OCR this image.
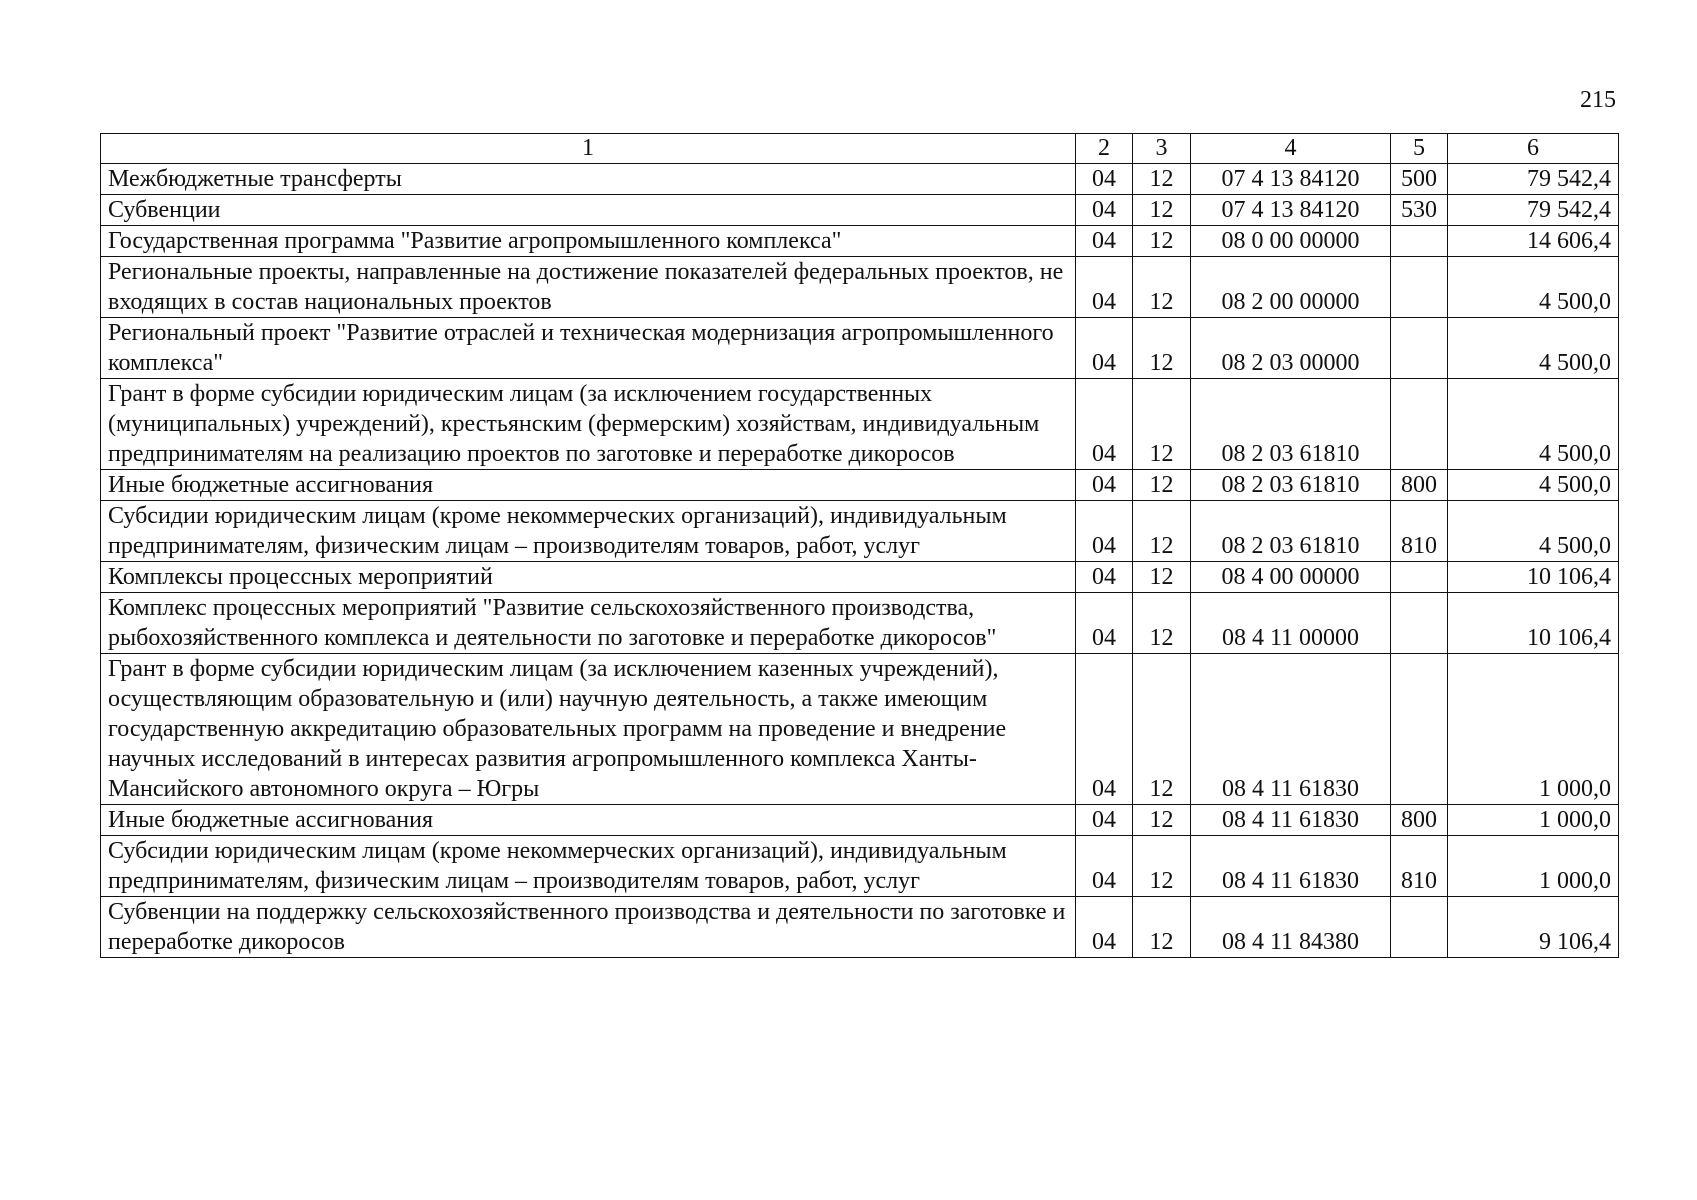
215
1	2	3	4	5	6
Межбюджетные трансферты	04	12	07 4 13 84120	500	79 542,4
Субвенции	04	12	07 4 13 84120	530	79 542,4
Государственная программа "Развитие агропромышленного комплекса"	04	12	08 0 00 00000		14 606,4
Региональные проекты, направленные на достижение показателей федеральных проектов, не входящих в состав национальных проектов	04	12	08 2 00 00000		4 500,0
Региональный проект "Развитие отраслей и техническая модернизация агропромышленного комплекса"	04	12	08 2 03 00000		4 500,0
Грант в форме субсидии юридическим лицам (за исключением государственных (муниципальных) учреждений), крестьянским (фермерским) хозяйствам, индивидуальным предпринимателям на реализацию проектов по заготовке и переработке дикоросов	04	12	08 2 03 61810		4 500,0
Иные бюджетные ассигнования	04	12	08 2 03 61810	800	4 500,0
Субсидии юридическим лицам (кроме некоммерческих организаций), индивидуальным предпринимателям, физическим лицам – производителям товаров, работ, услуг	04	12	08 2 03 61810	810	4 500,0
Комплексы процессных мероприятий	04	12	08 4 00 00000		10 106,4
Комплекс процессных мероприятий "Развитие сельскохозяйственного производства, рыбохозяйственного комплекса и деятельности по заготовке и переработке дикоросов"	04	12	08 4 11 00000		10 106,4
Грант в форме субсидии юридическим лицам (за исключением казенных учреждений), осуществляющим образовательную и (или) научную деятельность, а также имеющим государственную аккредитацию образовательных программ на проведение и внедрение научных исследований в интересах развития агропромышленного комплекса Ханты-Мансийского автономного округа – Югры	04	12	08 4 11 61830		1 000,0
Иные бюджетные ассигнования	04	12	08 4 11 61830	800	1 000,0
Субсидии юридическим лицам (кроме некоммерческих организаций), индивидуальным предпринимателям, физическим лицам – производителям товаров, работ, услуг	04	12	08 4 11 61830	810	1 000,0
Субвенции на поддержку сельскохозяйственного производства и деятельности по заготовке и переработке дикоросов	04	12	08 4 11 84380		9 106,4
